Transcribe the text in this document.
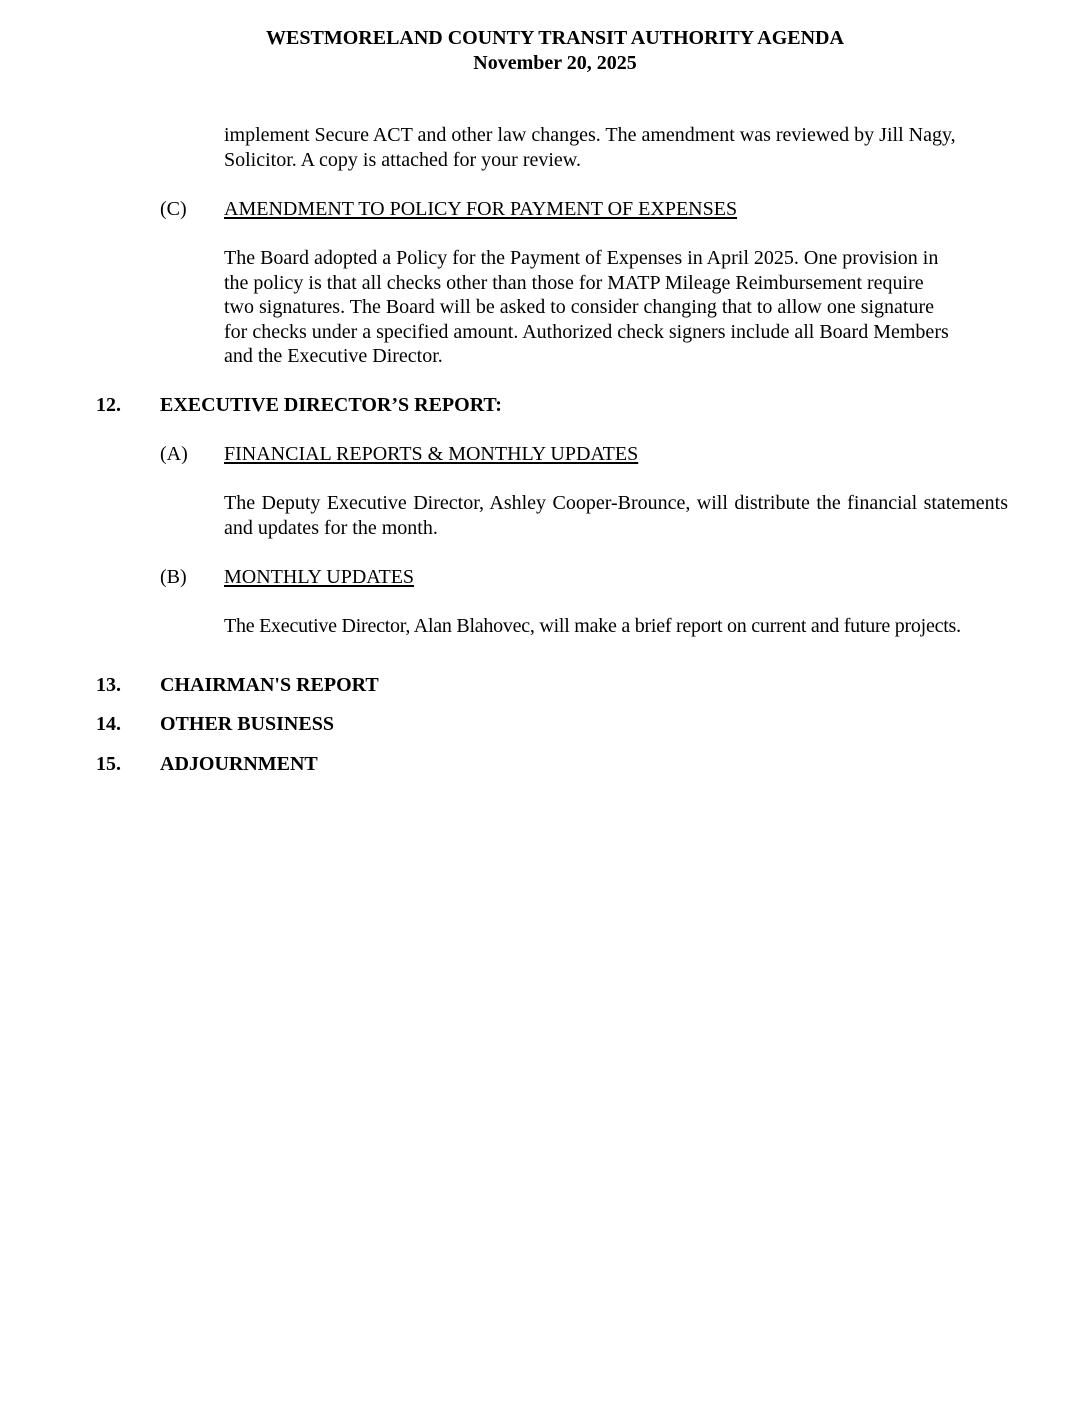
WESTMORELAND COUNTY TRANSIT AUTHORITY AGENDA
November 20, 2025
implement Secure ACT and other law changes. The amendment was reviewed by Jill Nagy,
Solicitor. A copy is attached for your review.
(C) AMENDMENT TO POLICY FOR PAYMENT OF EXPENSES
The Board adopted a Policy for the Payment of Expenses in April 2025. One provision in
the policy is that all checks other than those for MATP Mileage Reimbursement require
two signatures. The Board will be asked to consider changing that to allow one signature
for checks under a specified amount. Authorized check signers include all Board Members
and the Executive Director.
12. EXECUTIVE DIRECTOR’S REPORT:
(A) FINANCIAL REPORTS & MONTHLY UPDATES
The Deputy Executive Director, Ashley Cooper-Brounce, will distribute the financial statements and updates for the month.
(B) MONTHLY UPDATES
The Executive Director, Alan Blahovec, will make a brief report on current and future projects.
13. CHAIRMAN'S REPORT
14. OTHER BUSINESS
15. ADJOURNMENT
